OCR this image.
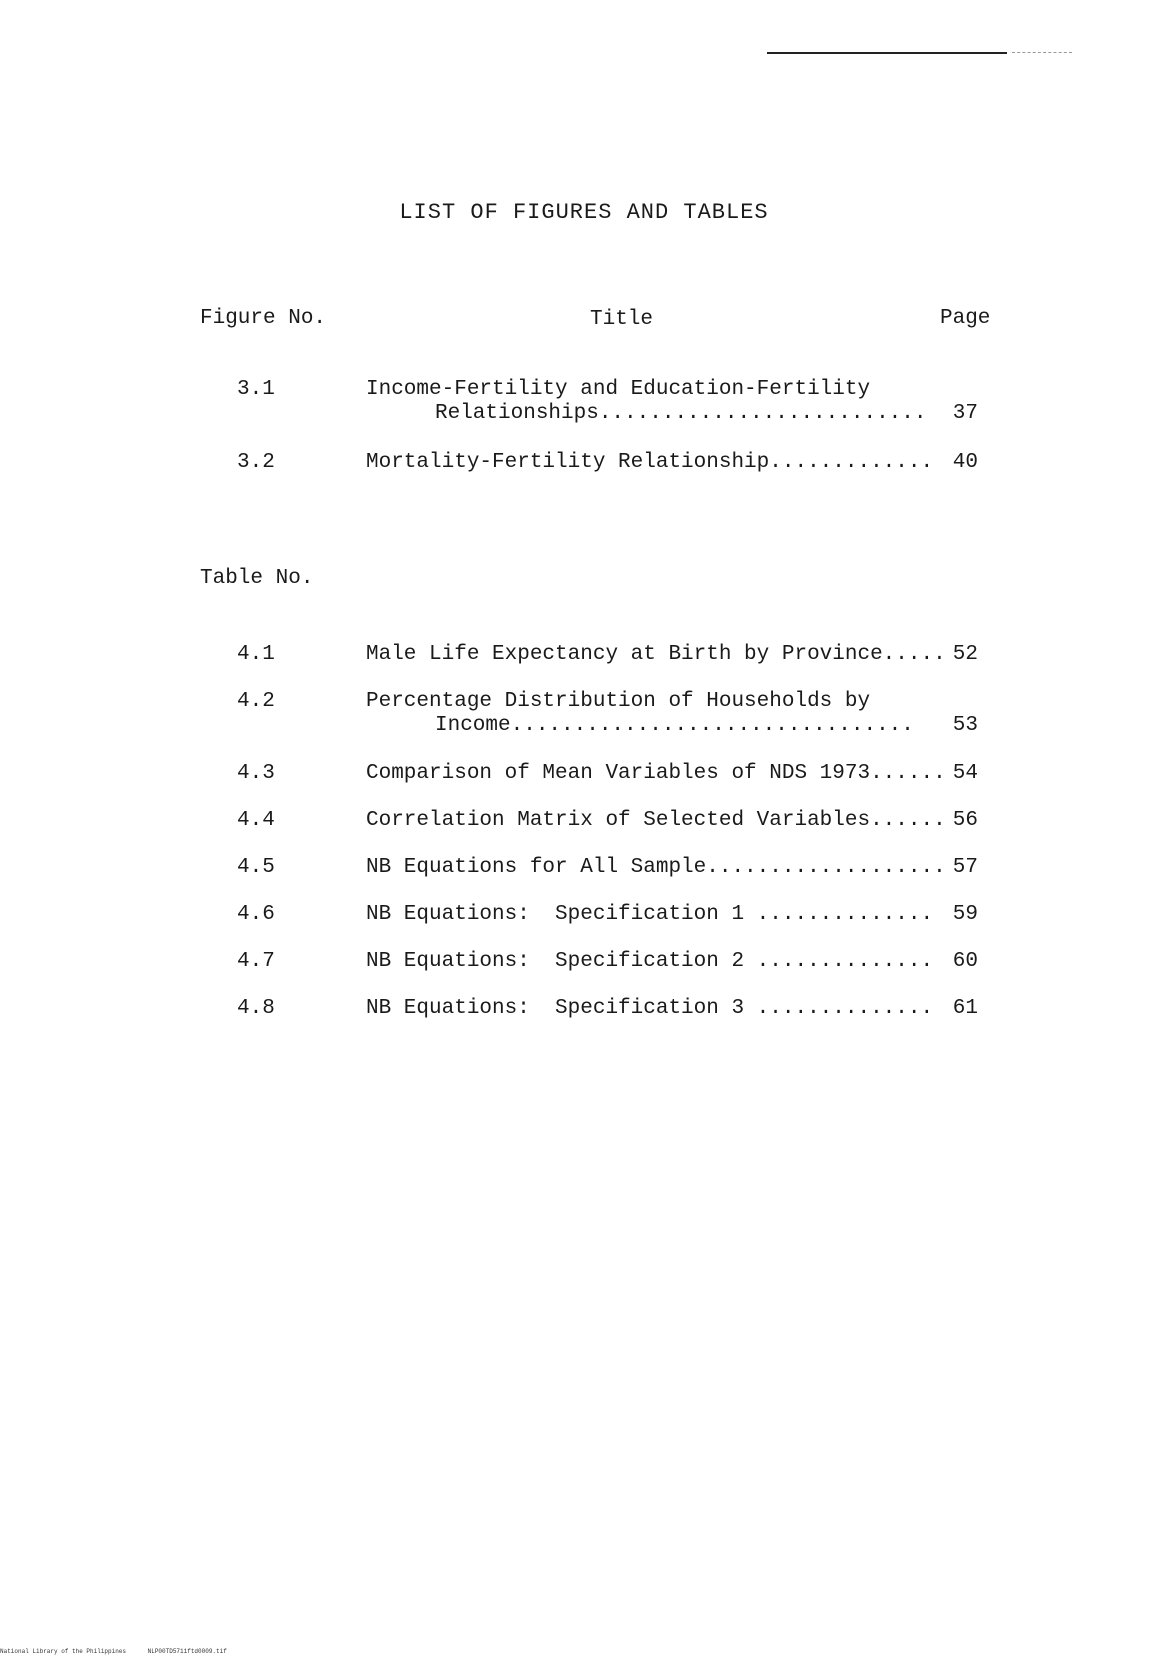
LIST OF FIGURES AND TABLES
Figure No.	Title	Page
3.1	Income-Fertility and Education-Fertility
Relationships..........................	37
3.2	Mortality-Fertility Relationship............. 40
Table No.
4.1	Male Life Expectancy at Birth by Province..... 52
4.2	Percentage Distribution of Households by
Income................................	53
4.3	Comparison of Mean Variables of NDS 1973...... 54
4.4	Correlation Matrix of Selected Variables...... 56
4.5	NB Equations for All Sample................... 57
4.6	NB Equations:  Specification 1 .............. 59
4.7	NB Equations:  Specification 2 .............. 60
4.8	NB Equations:  Specification 3 .............. 61
National Library of the Philippines      NLP00TD5711ftd0009.tif
